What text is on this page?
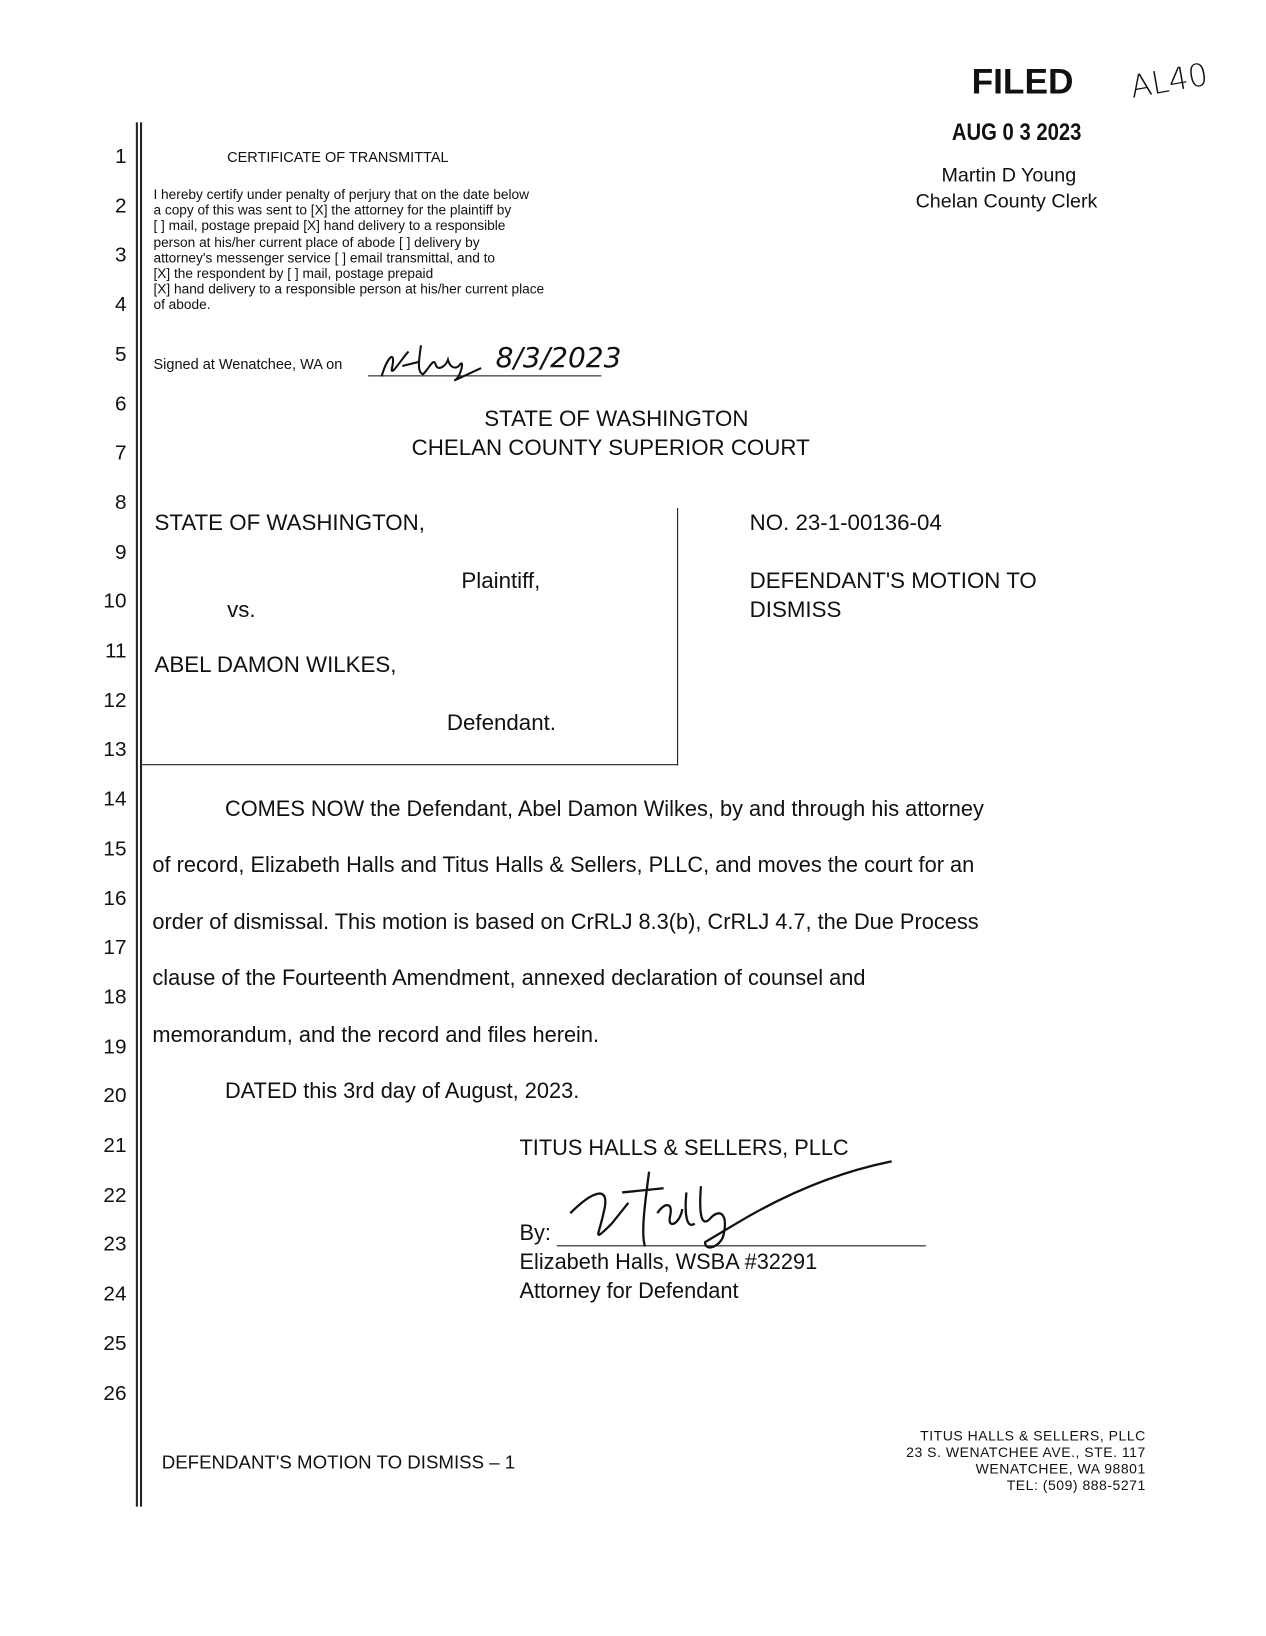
FILED
AUG 0 3 2023
Martin D Young
Chelan County Clerk
AL40
1
2
3
4
5
6
7
8
9
10
11
12
13
14
15
16
17
18
19
20
21
22
23
24
25
26
CERTIFICATE OF TRANSMITTAL
I hereby certify under penalty of perjury that on the date below
a copy of this was sent to [X] the attorney for the plaintiff by
[ ] mail, postage prepaid [X] hand delivery to a responsible
person at his/her current place of abode [ ] delivery by
attorney's messenger service [ ] email transmittal, and to
[X] the respondent by [ ] mail, postage prepaid
[X] hand delivery to a responsible person at his/her current place
of abode.
Signed at Wenatchee, WA on	8/3/2023
STATE OF WASHINGTON
CHELAN COUNTY SUPERIOR COURT
STATE OF WASHINGTON,
Plaintiff,
vs.
ABEL DAMON WILKES,
Defendant.
NO. 23-1-00136-04
DEFENDANT'S MOTION TO
DISMISS
COMES NOW the Defendant, Abel Damon Wilkes, by and through his attorney
of record, Elizabeth Halls and Titus Halls & Sellers, PLLC, and moves the court for an
order of dismissal. This motion is based on CrRLJ 8.3(b), CrRLJ 4.7, the Due Process
clause of the Fourteenth Amendment, annexed declaration of counsel and
memorandum, and the record and files herein.
DATED this 3rd day of August, 2023.
TITUS HALLS & SELLERS, PLLC
By:
Elizabeth Halls, WSBA #32291
Attorney for Defendant
DEFENDANT'S MOTION TO DISMISS – 1
TITUS HALLS & SELLERS, PLLC
23 S. WENATCHEE AVE., STE. 117
WENATCHEE, WA 98801
TEL: (509) 888-5271
